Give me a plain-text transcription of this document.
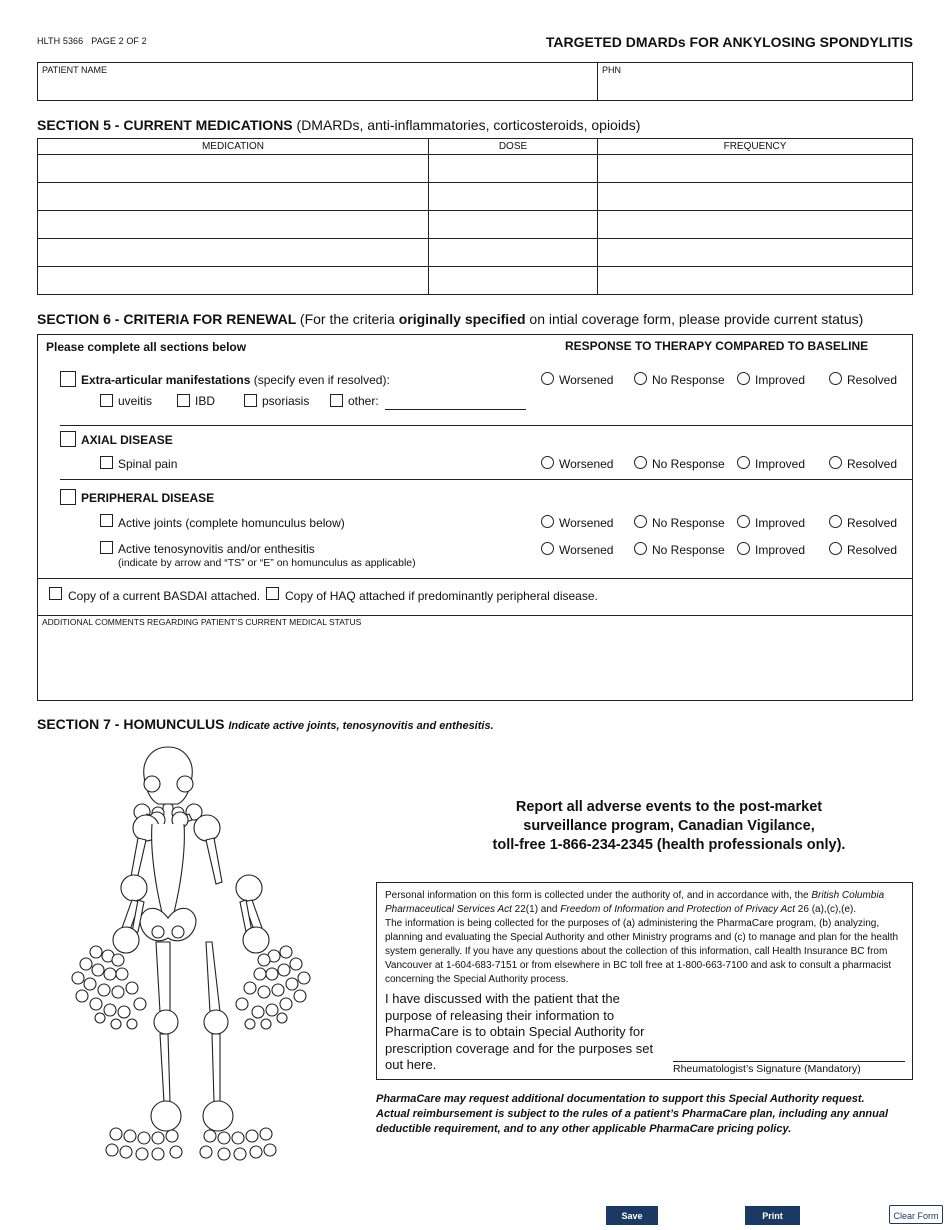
HLTH 5366 PAGE 2 OF 2	TARGETED DMARDs FOR ANKYLOSING SPONDYLITIS
PATIENT NAME	PHN
SECTION 5 - CURRENT MEDICATIONS (DMARDs, anti-inflammatories, corticosteroids, opioids)
MEDICATION	DOSE	FREQUENCY

SECTION 6 - CRITERIA FOR RENEWAL (For the criteria originally specified on intial coverage form, please provide current status)
Please complete all sections below	RESPONSE TO THERAPY COMPARED TO BASELINE
Extra-articular manifestations (specify even if resolved):
uveitis	IBD	psoriasis	other:
Worsened	No Response	Improved	Resolved
AXIAL DISEASE
Spinal pain	Worsened	No Response	Improved	Resolved
PERIPHERAL DISEASE
Active joints (complete homunculus below)	Worsened	No Response	Improved	Resolved
Active tenosynovitis and/or enthesitis
(indicate by arrow and “TS” or “E” on homunculus as applicable)
Worsened	No Response	Improved	Resolved
Copy of a current BASDAI attached. Copy of HAQ attached if predominantly peripheral disease.
ADDITIONAL COMMENTS REGARDING PATIENT’S CURRENT MEDICAL STATUS
SECTION 7 - HOMUNCULUS Indicate active joints, tenosynovitis and enthesitis.
Report all adverse events to the post-market
surveillance program, Canadian Vigilance,
toll-free 1-866-234-2345 (health professionals only).

Personal information on this form is collected under the authority of, and in accordance with, the British Columbia Pharmaceutical Services Act 22(1) and Freedom of Information and Protection of Privacy Act 26 (a),(c),(e).

The information is being collected for the purposes of (a) administering the PharmaCare program, (b) analyzing, planning and evaluating the Special Authority and other Ministry programs and (c) to manage and plan for the health system generally. If you have any questions about the collection of this information, call Health Insurance BC from Vancouver at 1-604-683-7151 or from elsewhere in BC toll free at 1-800-663-7100 and ask to consult a pharmacist concerning the Special Authority process.

I have discussed with the patient that the purpose of releasing their information to PharmaCare is to obtain Special Authority for prescription coverage and for the purposes set out here.	Rheumatologist’s Signature (Mandatory)
PharmaCare may request additional documentation to support this Special Authority request.
Actual reimbursement is subject to the rules of a patient’s PharmaCare plan, including any annual deductible requirement, and to any other applicable PharmaCare pricing policy.
Save	Print	Clear Form
